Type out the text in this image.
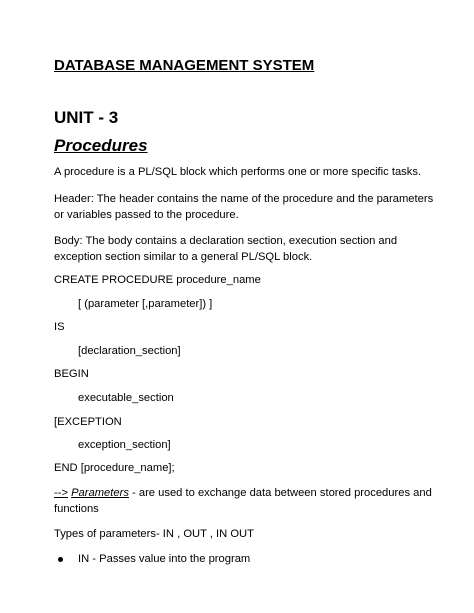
DATABASE MANAGEMENT SYSTEM
UNIT - 3
Procedures
A procedure is a PL/SQL block which performs one or more specific tasks.
Header: The header contains the name of the procedure and the parameters
or variables passed to the procedure.
Body: The body contains a declaration section, execution section and
exception section similar to a general PL/SQL block.
CREATE PROCEDURE procedure_name
[ (parameter [,parameter]) ]
IS
[declaration_section]
BEGIN
executable_section
[EXCEPTION
exception_section]
END [procedure_name];
--> Parameters - are used to exchange data between stored procedures and
functions
Types of parameters- IN , OUT , IN OUT
IN - Passes value into the program
